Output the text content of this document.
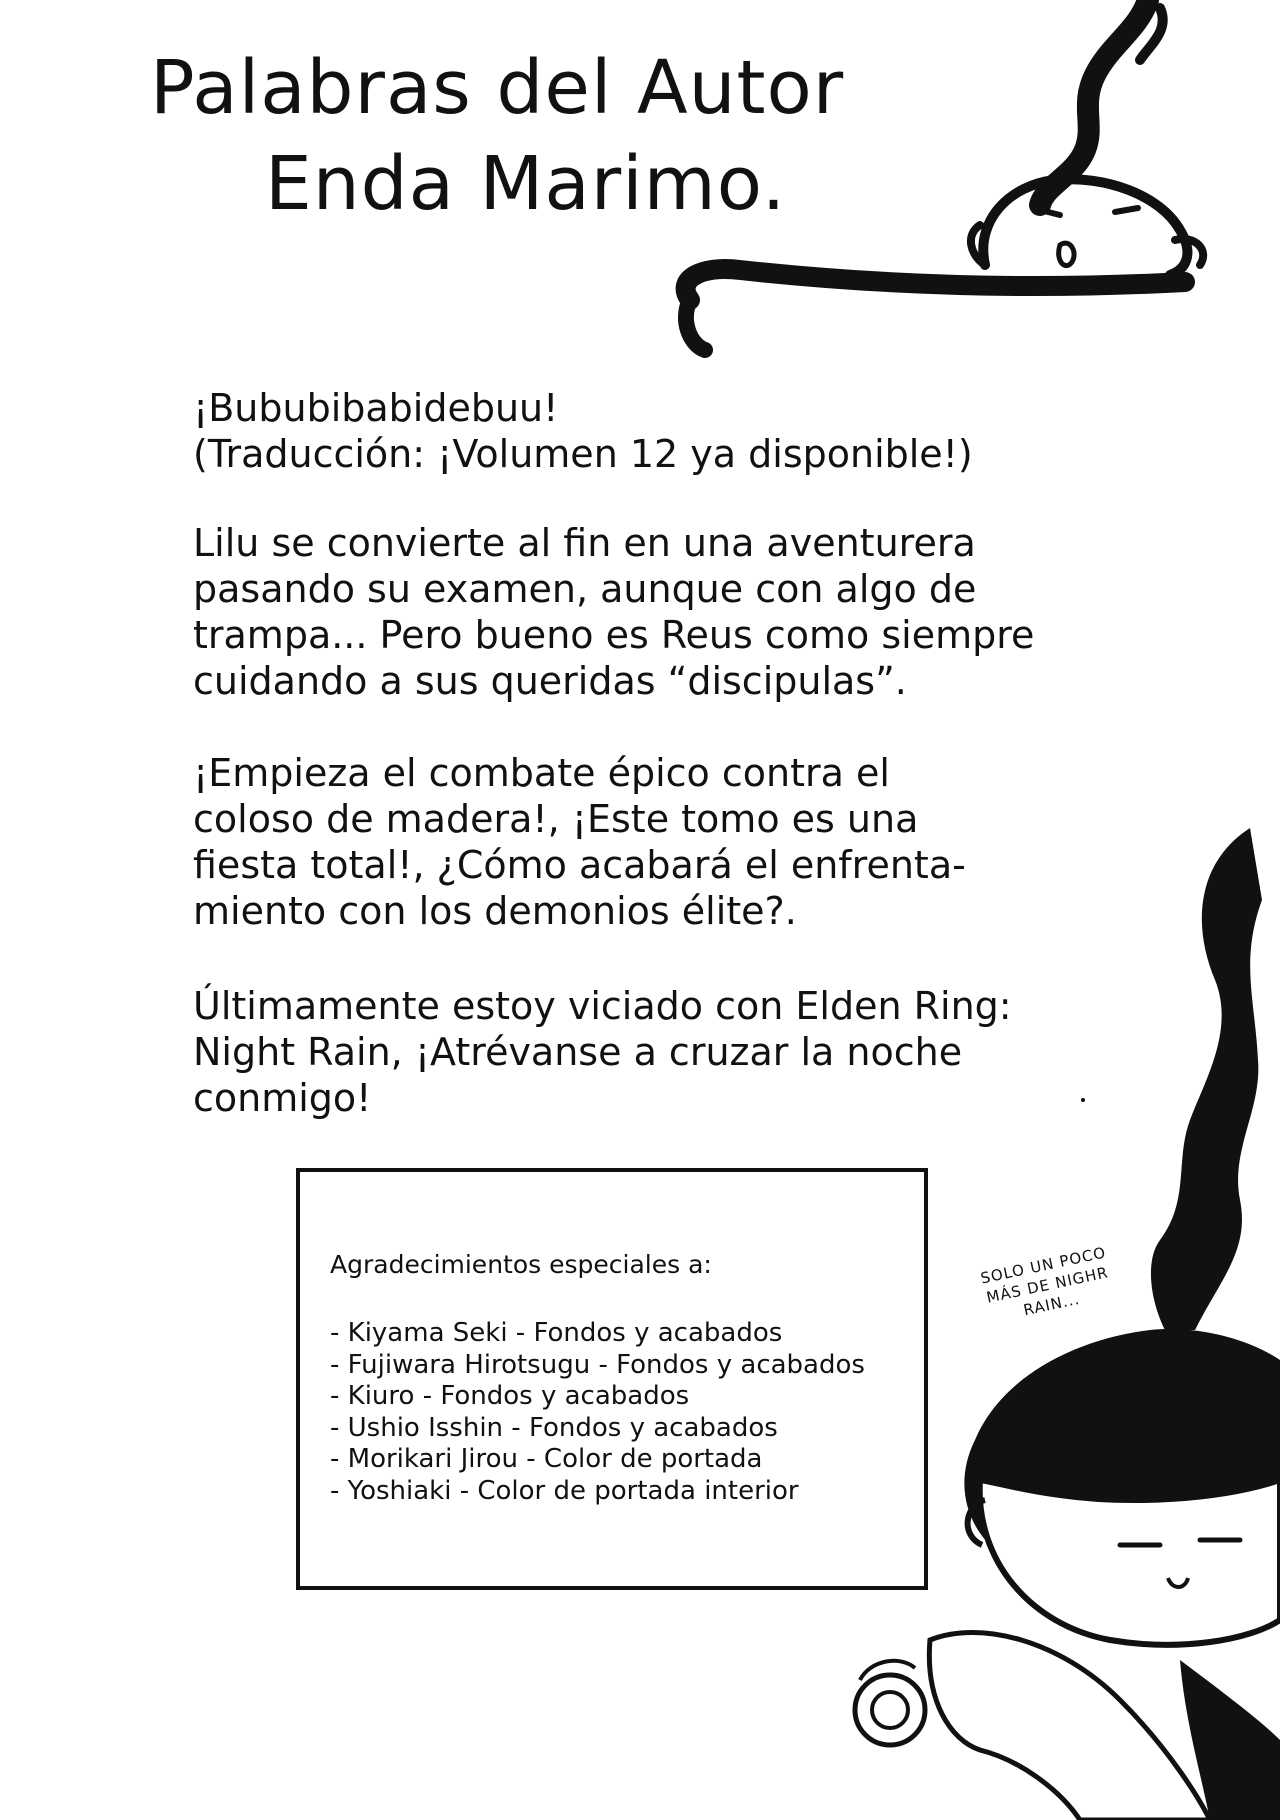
Palabras del Autor
Enda Marimo.

¡Bububibabidebuu!
(Traducción: ¡Volumen 12 ya disponible!)

Lilu se convierte al fin en una aventurera
pasando su examen, aunque con algo de
trampa... Pero bueno es Reus como siempre
cuidando a sus queridas “discipulas”.

¡Empieza el combate épico contra el
coloso de madera!, ¡Este tomo es una
fiesta total!, ¿Cómo acabará el enfrenta-
miento con los demonios élite?.

Últimamente estoy viciado con Elden Ring:
Night Rain, ¡Atrévanse a cruzar la noche
conmigo!

Agradecimientos especiales a:
- Kiyama Seki - Fondos y acabados
- Fujiwara Hirotsugu - Fondos y acabados
- Kiuro - Fondos y acabados
- Ushio Isshin - Fondos y acabados
- Morikari Jirou - Color de portada
- Yoshiaki - Color de portada interior
SOLO UN POCO
MÁS DE NIGHR
RAIN...
